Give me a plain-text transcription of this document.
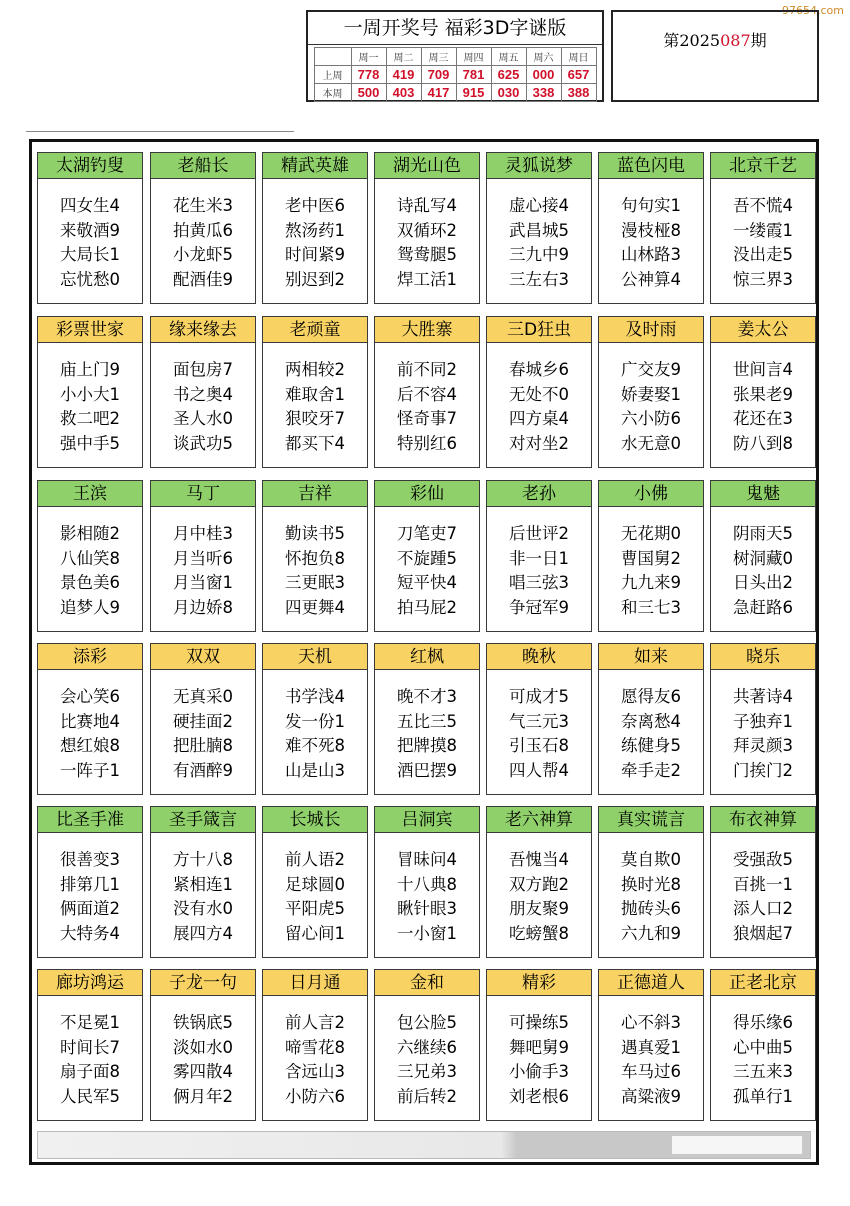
97654.com
一周开奖号 福彩3D字谜版
	周一	周二	周三	周四	周五	周六	周日
上周	778	419	709	781	625	000	657
本周	500	403	417	915	030	338	388
第2025087期
太湖钓叟
四女生4
来敬酒9
大局长1
忘忧愁0
老船长
花生米3
拍黄瓜6
小龙虾5
配酒佳9
精武英雄
老中医6
熬汤药1
时间紧9
别迟到2
湖光山色
诗乱写4
双循环2
鸳鸯腿5
焊工活1
灵狐说梦
虚心接4
武昌城5
三九中9
三左右3
蓝色闪电
句句实1
漫枝桠8
山林路3
公神算4
北京千艺
吾不慌4
一缕霞1
没出走5
惊三界3
彩票世家
庙上门9
小小大1
救二吧2
强中手5
缘来缘去
面包房7
书之奥4
圣人水0
谈武功5
老顽童
两相较2
难取舍1
狠咬牙7
都买下4
大胜寨
前不同2
后不容4
怪奇事7
特别红6
三D狂虫
春城乡6
无处不0
四方桌4
对对坐2
及时雨
广交友9
娇妻娶1
六小防6
水无意0
姜太公
世间言4
张果老9
花还在3
防八到8
王滨
影相随2
八仙笑8
景色美6
追梦人9
马丁
月中桂3
月当听6
月当窗1
月边娇8
吉祥
勤读书5
怀抱负8
三更眠3
四更舞4
彩仙
刀笔吏7
不旋踵5
短平快4
拍马屁2
老孙
后世评2
非一日1
唱三弦3
争冠军9
小佛
无花期0
曹国舅2
九九来9
和三七3
鬼魅
阴雨天5
树洞藏0
日头出2
急赶路6
添彩
会心笑6
比赛地4
想红娘8
一阵子1
双双
无真采0
硬挂面2
把肚腩8
有酒醉9
天机
书学浅4
发一份1
难不死8
山是山3
红枫
晚不才3
五比三5
把牌摸8
酒巴摆9
晚秋
可成才5
气三元3
引玉石8
四人帮4
如来
愿得友6
奈离愁4
练健身5
牵手走2
晓乐
共著诗4
子独弃1
拜灵颜3
门挨门2
比圣手准
很善变3
排第几1
俩面道2
大特务4
圣手箴言
方十八8
紧相连1
没有水0
展四方4
长城长
前人语2
足球圆0
平阳虎5
留心间1
吕洞宾
冒昧问4
十八典8
瞅针眼3
一小窗1
老六神算
吾愧当4
双方跑2
朋友聚9
吃螃蟹8
真实谎言
莫自欺0
换时光8
抛砖头6
六九和9
布衣神算
受强敌5
百挑一1
添人口2
狼烟起7
廊坊鸿运
不足冕1
时间长7
扇子面8
人民军5
子龙一句
铁锅底5
淡如水0
雾四散4
俩月年2
日月通
前人言2
啼雪花8
含远山3
小防六6
金和
包公脸5
六继续6
三兄弟3
前后转2
精彩
可操练5
舞吧舅9
小偷手3
刘老根6
正德道人
心不斜3
遇真爱1
车马过6
高粱液9
正老北京
得乐缘6
心中曲5
三五来3
孤单行1
